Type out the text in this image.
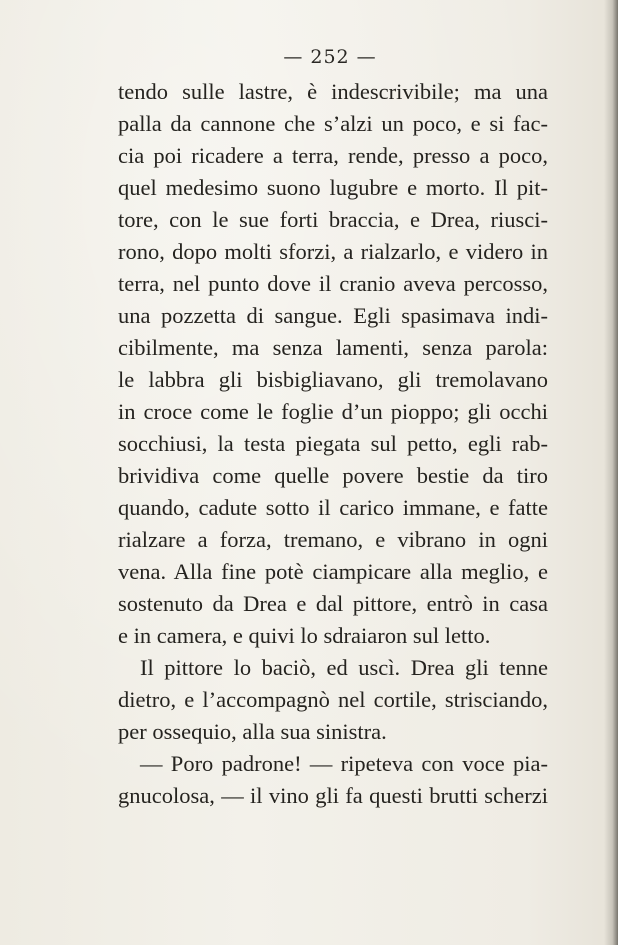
— 252 —
tendo sulle lastre, è indescrivibile; ma una
palla da cannone che s’alzi un poco, e si fac-
cia poi ricadere a terra, rende, presso a poco,
quel medesimo suono lugubre e morto. Il pit-
tore, con le sue forti braccia, e Drea, riusci-
rono, dopo molti sforzi, a rialzarlo, e videro in
terra, nel punto dove il cranio aveva percosso,
una pozzetta di sangue. Egli spasimava indi-
cibilmente, ma senza lamenti, senza parola:
le labbra gli bisbigliavano, gli tremolavano
in croce come le foglie d’un pioppo; gli occhi
socchiusi, la testa piegata sul petto, egli rab-
brividiva come quelle povere bestie da tiro
quando, cadute sotto il carico immane, e fatte
rialzare a forza, tremano, e vibrano in ogni
vena. Alla fine potè ciampicare alla meglio, e
sostenuto da Drea e dal pittore, entrò in casa
e in camera, e quivi lo sdraiaron sul letto.
Il pittore lo baciò, ed uscì. Drea gli tenne
dietro, e l’accompagnò nel cortile, strisciando,
per ossequio, alla sua sinistra.
— Poro padrone! — ripeteva con voce pia-
gnucolosa, — il vino gli fa questi brutti scherzi
